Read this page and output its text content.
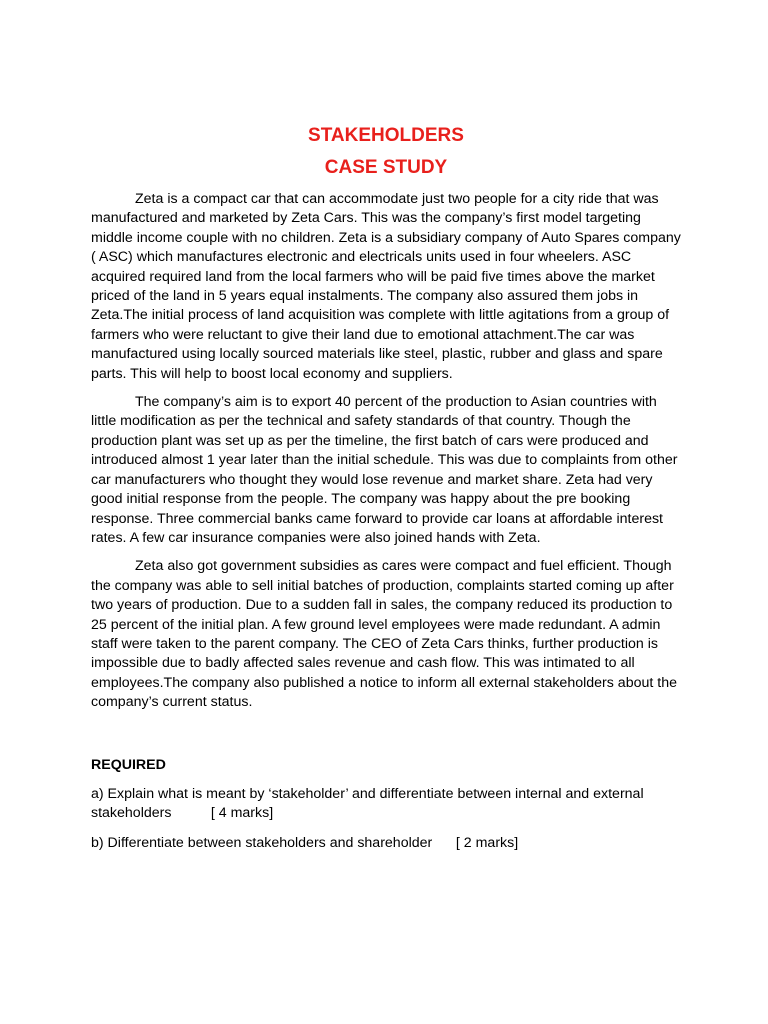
STAKEHOLDERS
CASE STUDY

Zeta is a compact car that can accommodate just two people for a city ride that was manufactured and marketed by Zeta Cars. This was the company’s first model targeting middle income couple with no children. Zeta is a subsidiary company of Auto Spares company ( ASC) which manufactures electronic and electricals units used in four wheelers. ASC acquired required land from the local farmers who will be paid five times above the market priced of the land in 5 years equal instalments. The company also assured them jobs in Zeta.The initial process of land acquisition was complete with little agitations from a group of farmers who were reluctant to give their land due to emotional attachment.The car was manufactured using locally sourced materials like steel, plastic, rubber and glass and spare parts. This will help to boost local economy and suppliers.

The company’s aim is to export 40 percent of the production to Asian countries with little modification as per the technical and safety standards of that country. Though the production plant was set up as per the timeline, the first batch of cars were produced and introduced almost 1 year later than the initial schedule. This was due to complaints from other car manufacturers who thought they would lose revenue and market share. Zeta had very good initial response from the people. The company was happy about the pre booking response. Three commercial banks came forward to provide car loans at affordable interest rates. A few car insurance companies were also joined hands with Zeta.

Zeta also got government subsidies as cares were compact and fuel efficient. Though the company was able to sell initial batches of production, complaints started coming up after two years of production. Due to a sudden fall in sales, the company reduced its production to 25 percent of the initial plan. A few ground level employees were made redundant. A admin staff were taken to the parent company. The CEO of Zeta Cars thinks, further production is impossible due to badly affected sales revenue and cash flow. This was intimated to all employees.The company also published a notice to inform all external stakeholders about the company’s current status.

REQUIRED

a) Explain what is meant by ‘stakeholder’ and differentiate between internal and external stakeholders          [ 4 marks]

b) Differentiate between stakeholders and shareholder      [ 2 marks]
